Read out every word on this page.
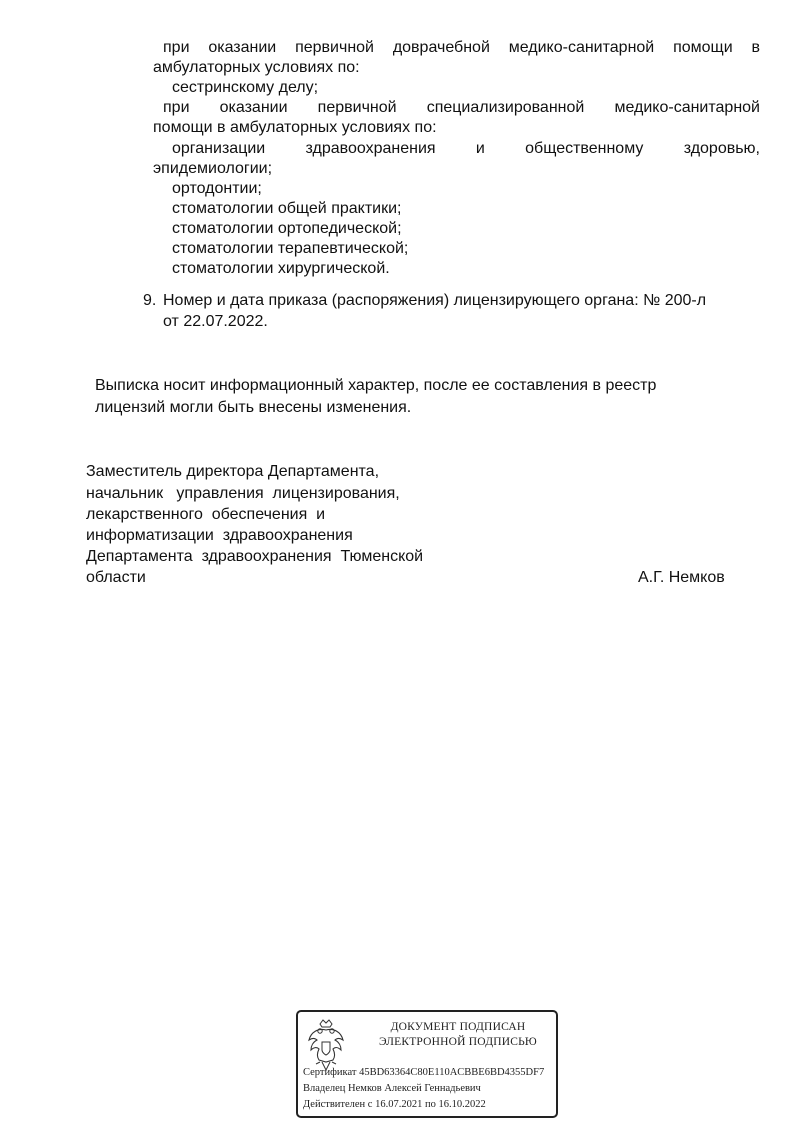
при оказании первичной доврачебной медико-санитарной помощи в
амбулаторных условиях по:
сестринскому делу;
при оказании первичной специализированной медико-санитарной
помощи в амбулаторных условиях по:
организации	здравоохранения	и	общественному	здоровью,
эпидемиологии;
ортодонтии;
стоматологии общей практики;
стоматологии ортопедической;
стоматологии терапевтической;
стоматологии хирургической.
9. Номер и дата приказа (распоряжения) лицензирующего органа: № 200-л
от 22.07.2022.
Выписка носит информационный характер, после ее составления в реестр
лицензий могли быть внесены изменения.
Заместитель директора Департамента,
начальник   управления  лицензирования,
лекарственного  обеспечения  и
информатизации  здравоохранения
Департамента  здравоохранения  Тюменской
области	А.Г. Немков
ДОКУМЕНТ ПОДПИСАН
ЭЛЕКТРОННОЙ ПОДПИСЬЮ
Сертификат 45BD63364C80E110ACBBE6BD4355DF7
Владелец Немков Алексей Геннадьевич
Действителен с 16.07.2021 по 16.10.2022
